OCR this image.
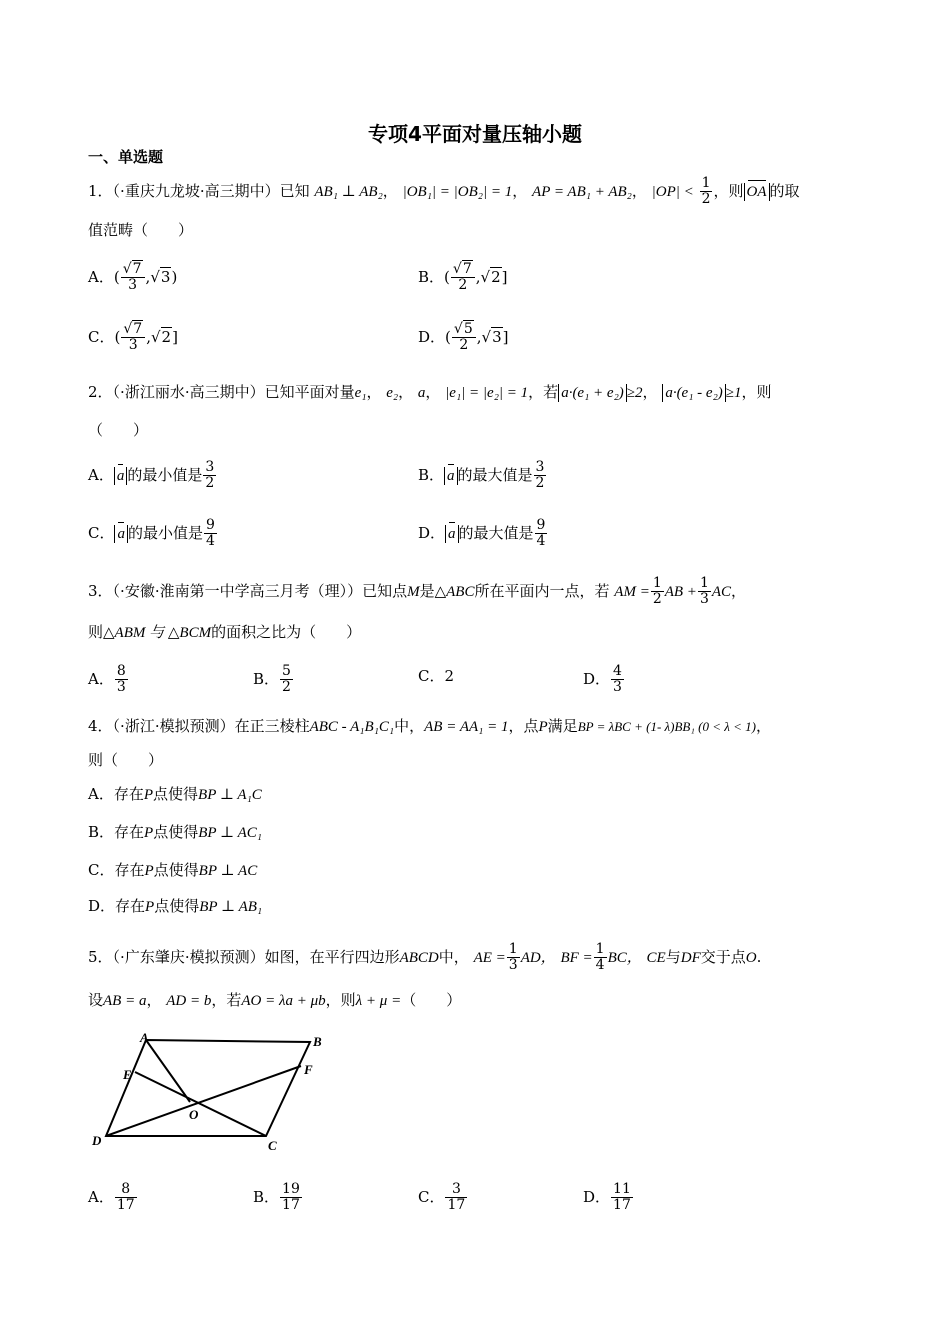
专项4平面对量压轴小题
一、单选题
1．（·重庆九龙坡·高三期中）已知 AB₁ ⊥ AB₂， |OB₁| = |OB₂| = 1， AP = AB₁ + AB₂， $|OP| < \frac{1}{2}$ ，则 OA 的取
值范畴（　　）
A．( $\frac{√7}{3} ,√3$)	B．( $\frac{√7}{2} ,√2$]
C．( $\frac{√7}{3} ,√2$]	D．( $\frac{√5}{2} ,√3$]
2．（·浙江丽水·高三期中）已知平面对量e₁， e₂， a， |e₁| = |e₂| = 1，若 a·(e₁ + e₂) ≥2， a·(e₁ - e₂) ≥1，则
（　　）
A． a 的最小值是 $\frac{3}{2}$	B． a 的最大值是 $\frac{3}{2}$
C． a 的最小值是 $\frac{9}{4}$	D． a 的最大值是 $\frac{9}{4}$
3．（·安徽·淮南第一中学高三月考（理））已知点M是△ABC所在平面内一点，若 AM = $\frac{1}{2}$ AB + $\frac{1}{3}$ AC，
则△ABM 与 △BCM的面积之比为（　　）
A． $\frac{8}{3}$	B． $\frac{5}{2}$	C．2	D． $\frac{4}{3}$
4．（·浙江·模拟预测）在正三棱柱ABC - A₁B₁C₁中，AB = AA₁ = 1，点P满足BP = λBC + (1- λ)BB₁ (0 < λ < 1)，
则（　　）
A．存在P点使得BP ⊥ A₁C
B．存在P点使得BP ⊥ AC₁
C．存在P点使得BP ⊥ AC
D．存在P点使得BP ⊥ AB₁
5．（·广东肇庆·模拟预测）如图，在平行四边形ABCD中， AE = $\frac{1}{3}$ AD， BF = $\frac{1}{4}$ BC， CE与DF交于点O.
设AB = a， AD = b，若AO = λa + μb，则λ + μ =（　　）
A	B
C
D
E	F
O
A． $\frac{8}{17}$	B． $\frac{19}{17}$	C． $\frac{3}{17}$	D． $\frac{11}{17}$
